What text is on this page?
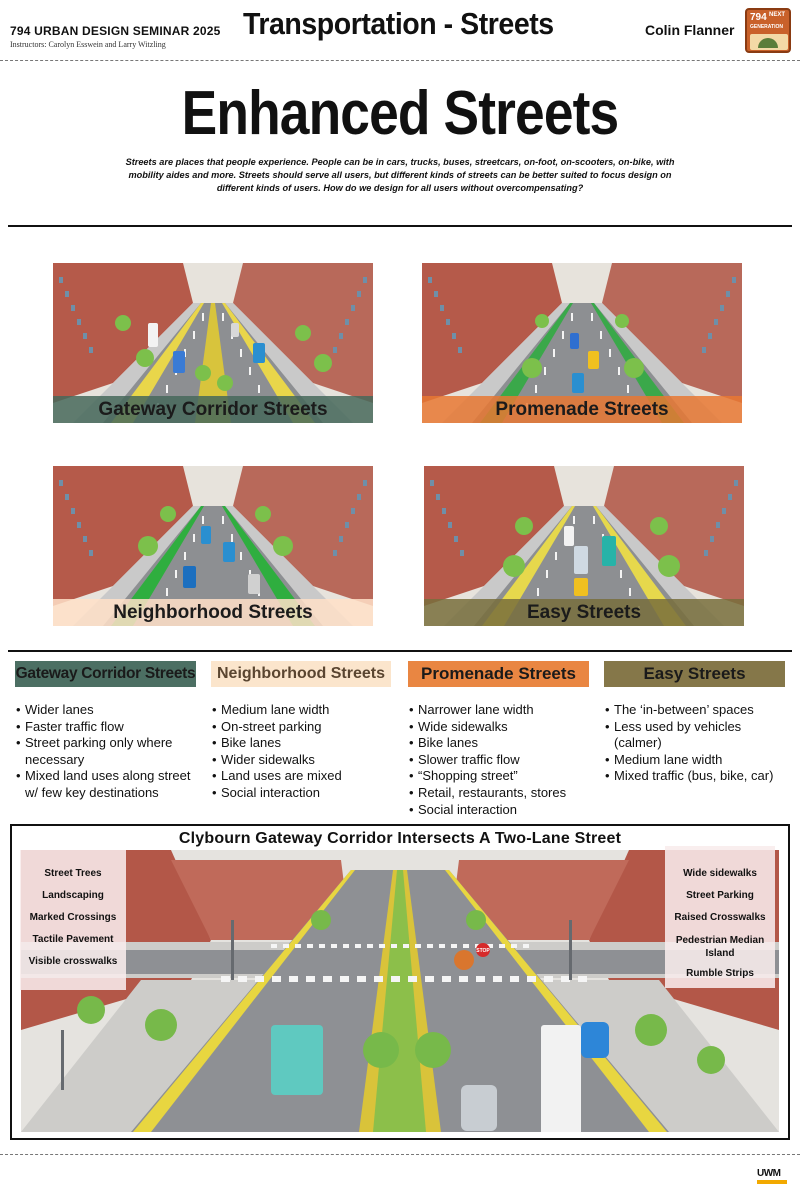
794 URBAN DESIGN SEMINAR 2025
Instructors: Carolyn Esswein and Larry Witzling
Transportation - Streets	Colin Flanner
794 NEXT
GENERATION
Enhanced Streets
Streets are places that people experience. People can be in cars, trucks, buses, streetcars, on-foot, on-scooters, on-bike, with mobility aides and more. Streets should serve all users, but different kinds of streets can be better suited to focus design on different kinds of users. How do we design for all users without overcompensating?
Gateway Corridor Streets	Promenade Streets
Neighborhood Streets	Easy Streets
Gateway Corridor Streets	Neighborhood Streets	Promenade Streets	Easy Streets
• Wider lanes
• Faster traffic flow
• Street parking only where necessary
• Mixed land uses along street w/ few key destinations
• Medium lane width
• On-street parking
• Bike lanes
• Wider sidewalks
• Land uses are mixed
• Social interaction
• Narrower lane width
• Wide sidewalks
• Bike lanes
• Slower traffic flow
• “Shopping street”
• Retail, restaurants, stores
• Social interaction
• The ‘in-between’ spaces
• Less used by vehicles (calmer)
• Medium lane width
• Mixed traffic (bus, bike, car)
Clybourn Gateway Corridor Intersects A Two-Lane Street
STOP
Street Trees
Landscaping
Marked Crossings
Tactile Pavement
Visible crosswalks
Wide sidewalks
Street Parking
Raised Crosswalks
Pedestrian Median Island
Rumble Strips
UWM
